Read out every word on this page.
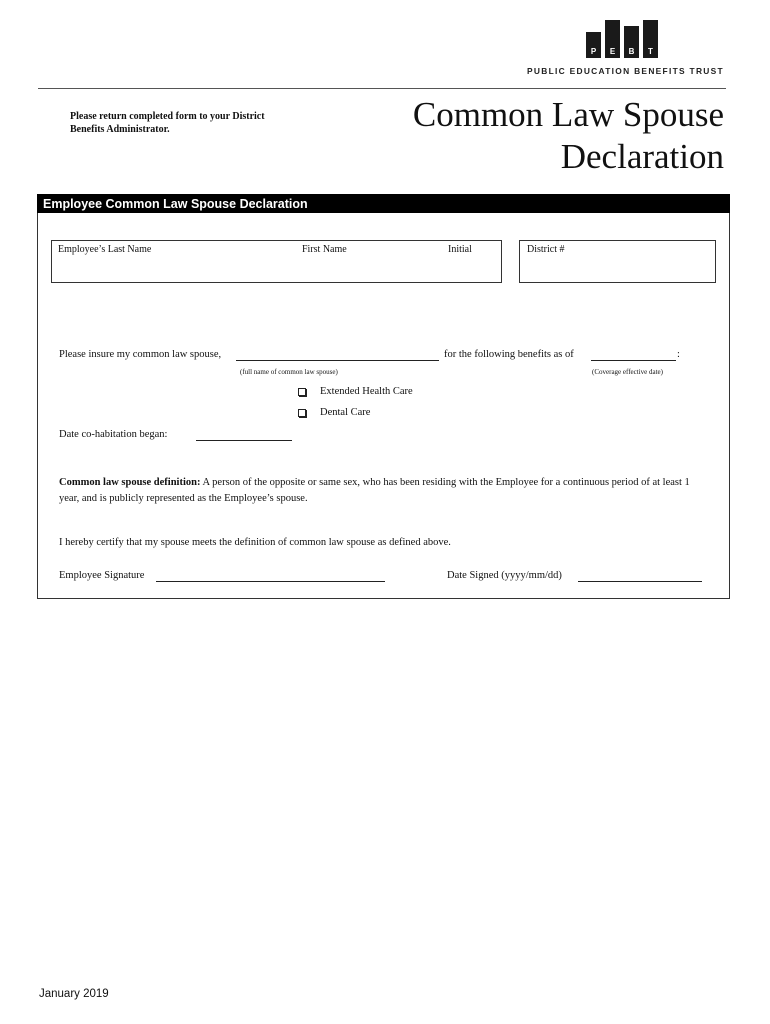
P	E	B	T
PUBLIC EDUCATION BENEFITS TRUST
Please return completed form to your District Benefits Administrator.	Common Law Spouse
Declaration
Employee Common Law Spouse Declaration
Employee’s Last Name	First Name	Initial	District #
Please insure my common law spouse,	for the following benefits as of	:
(full name of common law spouse)	(Coverage effective date)
Extended Health Care
Dental Care
Date co-habitation began:
Common law spouse definition: A person of the opposite or same sex, who has been residing with the Employee for a continuous period of at least 1 year, and is publicly represented as the Employee’s spouse.
I hereby certify that my spouse meets the definition of common law spouse as defined above.
Employee Signature	Date Signed (yyyy/mm/dd)
January 2019
